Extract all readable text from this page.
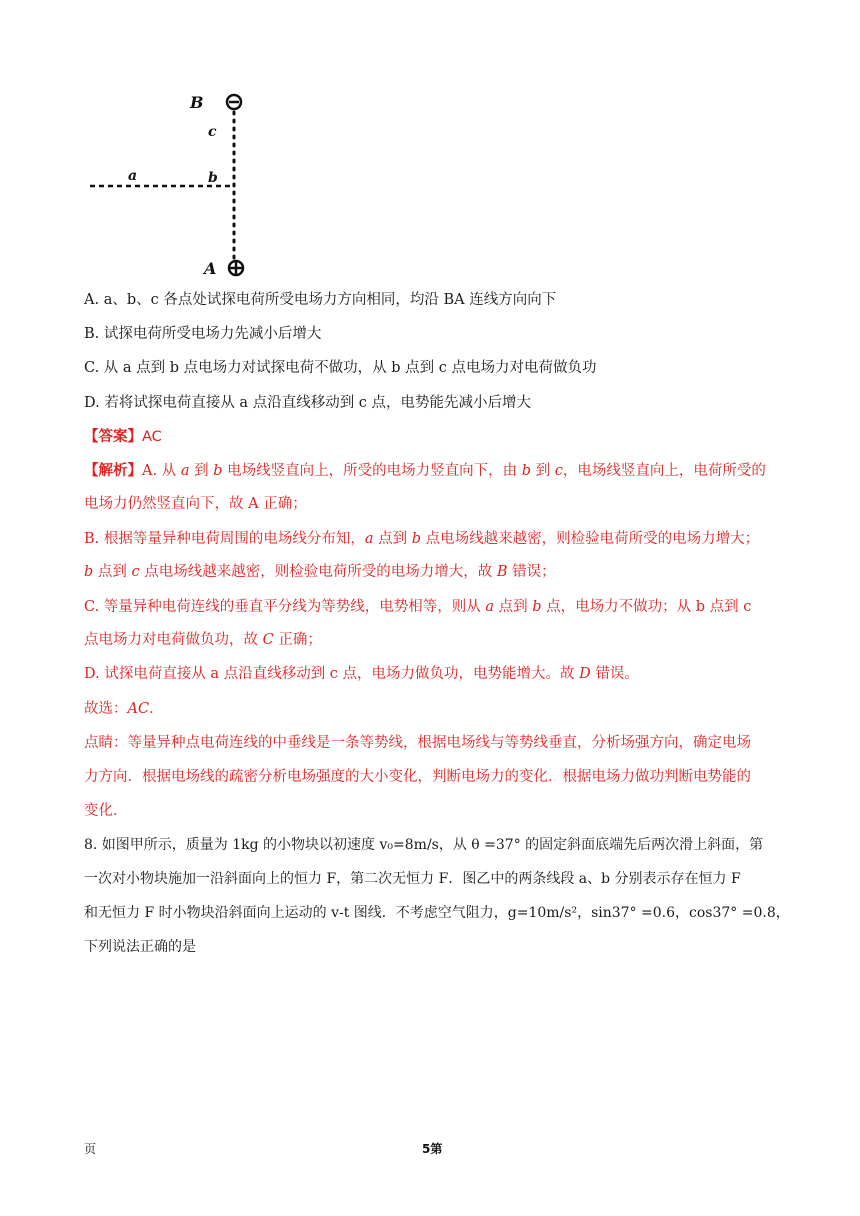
B
A
c
a	b
A. a、b、c 各点处试探电荷所受电场力方向相同，均沿 BA 连线方向向下
B. 试探电荷所受电场力先减小后增大
C. 从 a 点到 b 点电场力对试探电荷不做功，从 b 点到 c 点电场力对电荷做负功
D. 若将试探电荷直接从 a 点沿直线移动到 c 点，电势能先减小后增大
【答案】AC
【解析】A. 从 a 到 b 电场线竖直向上，所受的电场力竖直向下，由 b 到 c，电场线竖直向上，电荷所受的
电场力仍然竖直向下，故 A 正确；
B. 根据等量异种电荷周围的电场线分布知，a 点到 b 点电场线越来越密，则检验电荷所受的电场力增大；
b 点到 c 点电场线越来越密，则检验电荷所受的电场力增大，故 B 错误；
C. 等量异种电荷连线的垂直平分线为等势线，电势相等，则从 a 点到 b 点，电场力不做功；从 b 点到 c
点电场力对电荷做负功，故 C 正确；
D. 试探电荷直接从 a 点沿直线移动到 c 点，电场力做负功，电势能增大。故 D 错误。
故选：AC.
点睛：等量异种点电荷连线的中垂线是一条等势线，根据电场线与等势线垂直，分析场强方向，确定电场
力方向．根据电场线的疏密分析电场强度的大小变化，判断电场力的变化．根据电场力做功判断电势能的
变化．
8. 如图甲所示，质量为 1kg 的小物块以初速度 v₀=8m/s，从 θ =37° 的固定斜面底端先后两次滑上斜面，第
一次对小物块施加一沿斜面向上的恒力 F，第二次无恒力 F．图乙中的两条线段 a、b 分别表示存在恒力 F
和无恒力 F 时小物块沿斜面向上运动的 v-t 图线．不考虑空气阻力，g=10m/s²，sin37° =0.6，cos37° =0.8，
下列说法正确的是
页	5第
